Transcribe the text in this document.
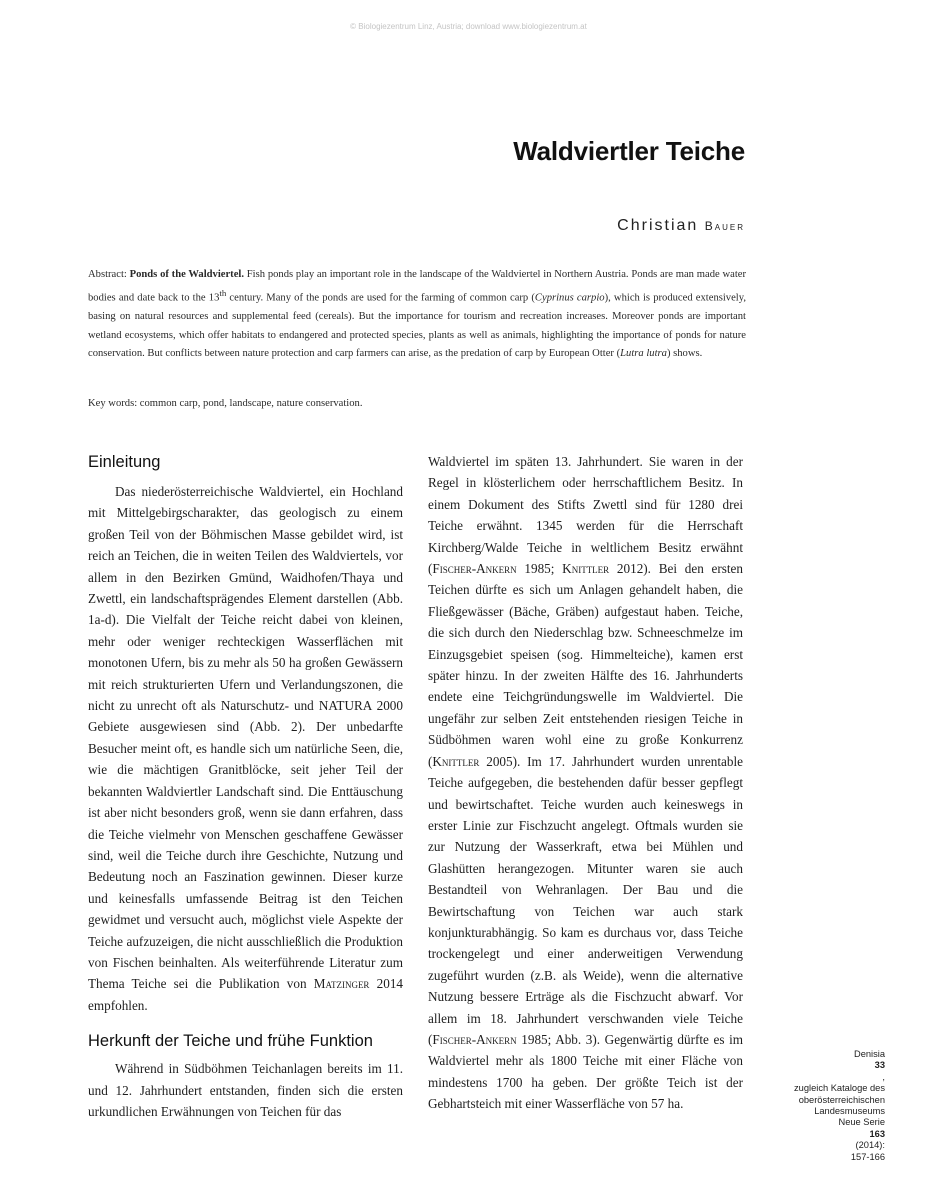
© Biologiezentrum Linz, Austria; download www.biologiezentrum.at
Waldviertler Teiche
Christian Bauer
Abstract: Ponds of the Waldviertel. Fish ponds play an important role in the landscape of the Waldviertel in Northern Austria. Ponds are man made water bodies and date back to the 13th century. Many of the ponds are used for the farming of common carp (Cyprinus carpio), which is produced extensively, basing on natural resources and supplemental feed (cereals). But the importance for tourism and recreation increases. Moreover ponds are important wetland ecosystems, which offer habitats to endangered and protected species, plants as well as animals, highlighting the importance of ponds for nature conservation. But conflicts between nature protection and carp farmers can arise, as the predation of carp by European Otter (Lutra lutra) shows.
Key words: common carp, pond, landscape, nature conservation.
Einleitung

Das niederösterreichische Waldviertel, ein Hochland mit Mittelgebirgscharakter, das geologisch zu einem großen Teil von der Böhmischen Masse gebildet wird, ist reich an Teichen, die in weiten Teilen des Waldviertels, vor allem in den Bezirken Gmünd, Waidhofen/Thaya und Zwettl, ein landschaftsprägendes Element darstellen (Abb. 1a-d). Die Vielfalt der Teiche reicht dabei von kleinen, mehr oder weniger rechteckigen Wasserflächen mit monotonen Ufern, bis zu mehr als 50 ha großen Gewässern mit reich strukturierten Ufern und Verlandungszonen, die nicht zu unrecht oft als Naturschutz- und NATURA 2000 Gebiete ausgewiesen sind (Abb. 2). Der unbedarfte Besucher meint oft, es handle sich um natürliche Seen, die, wie die mächtigen Granitblöcke, seit jeher Teil der bekannten Waldviertler Landschaft sind. Die Enttäuschung ist aber nicht besonders groß, wenn sie dann erfahren, dass die Teiche vielmehr von Menschen geschaffene Gewässer sind, weil die Teiche durch ihre Geschichte, Nutzung und Bedeutung noch an Faszination gewinnen. Dieser kurze und keinesfalls umfassende Beitrag ist den Teichen gewidmet und versucht auch, möglichst viele Aspekte der Teiche aufzuzeigen, die nicht ausschließlich die Produktion von Fischen beinhalten. Als weiterführende Literatur zum Thema Teiche sei die Publikation von Matzinger 2014 empfohlen.

Herkunft der Teiche und frühe Funktion

Während in Südböhmen Teichanlagen bereits im 11. und 12. Jahrhundert entstanden, finden sich die ersten urkundlichen Erwähnungen von Teichen für das

Waldviertel im späten 13. Jahrhundert. Sie waren in der Regel in klösterlichem oder herrschaftlichem Besitz. In einem Dokument des Stifts Zwettl sind für 1280 drei Teiche erwähnt. 1345 werden für die Herrschaft Kirchberg/Walde Teiche in weltlichem Besitz erwähnt (Fischer-Ankern 1985; Knittler 2012). Bei den ersten Teichen dürfte es sich um Anlagen gehandelt haben, die Fließgewässer (Bäche, Gräben) aufgestaut haben. Teiche, die sich durch den Niederschlag bzw. Schneeschmelze im Einzugsgebiet speisen (sog. Himmelteiche), kamen erst später hinzu. In der zweiten Hälfte des 16. Jahrhunderts endete eine Teichgründungswelle im Waldviertel. Die ungefähr zur selben Zeit entstehenden riesigen Teiche in Südböhmen waren wohl eine zu große Konkurrenz (Knittler 2005). Im 17. Jahrhundert wurden unrentable Teiche aufgegeben, die bestehenden dafür besser gepflegt und bewirtschaftet. Teiche wurden auch keineswegs in erster Linie zur Fischzucht angelegt. Oftmals wurden sie zur Nutzung der Wasserkraft, etwa bei Mühlen und Glashütten herangezogen. Mitunter waren sie auch Bestandteil von Wehranlagen. Der Bau und die Bewirtschaftung von Teichen war auch stark konjunkturabhängig. So kam es durchaus vor, dass Teiche trockengelegt und einer anderweitigen Verwendung zugeführt wurden (z.B. als Weide), wenn die alternative Nutzung bessere Erträge als die Fischzucht abwarf. Vor allem im 18. Jahrhundert verschwanden viele Teiche (Fischer-Ankern 1985; Abb. 3). Gegenwärtig dürfte es im Waldviertel mehr als 1800 Teiche mit einer Fläche von mindestens 1700 ha geben. Der größte Teich ist der Gebhartsteich mit einer Wasserfläche von 57 ha.

Denisia
33
,
zugleich Kataloge des
oberösterreichischen
Landesmuseums
Neue Serie
163
(2014):
157-166
